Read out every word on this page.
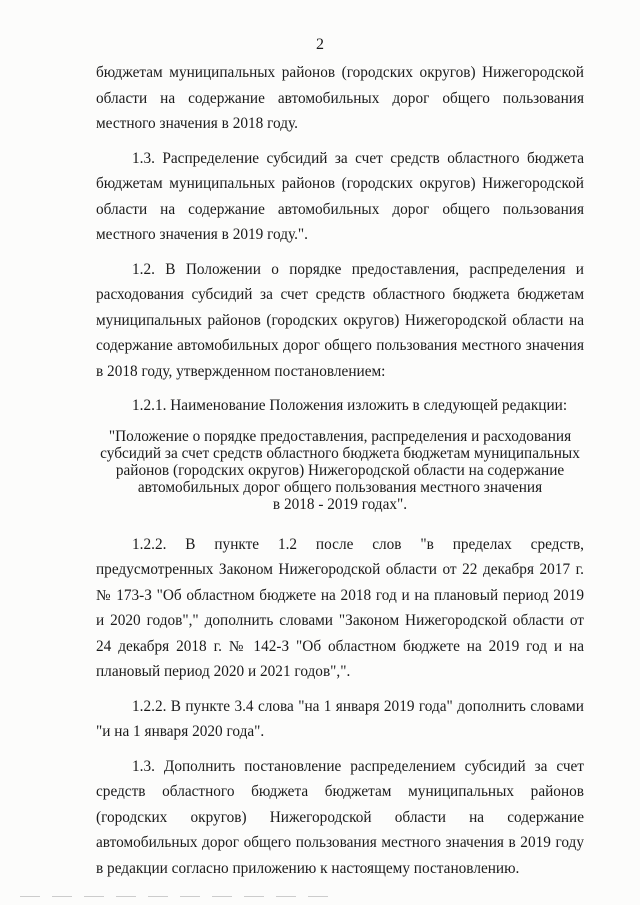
2

бюджетам муниципальных районов (городских округов) Нижегородской области на содержание автомобильных дорог общего пользования местного значения в 2018 году.

1.3. Распределение субсидий за счет средств областного бюджета бюджетам муниципальных районов (городских округов) Нижегородской области на содержание автомобильных дорог общего пользования местного значения в 2019 году.".

1.2. В Положении о порядке предоставления, распределения и расходования субсидий за счет средств областного бюджета бюджетам муниципальных районов (городских округов) Нижегородской области на содержание автомобильных дорог общего пользования местного значения в 2018 году, утвержденном постановлением:

1.2.1. Наименование Положения изложить в следующей редакции:

"Положение о порядке предоставления, распределения и расходования
субсидий за счет средств областного бюджета бюджетам муниципальных
районов (городских округов) Нижегородской области на содержание
автомобильных дорог общего пользования местного значения
в 2018 - 2019 годах".

1.2.2. В пункте 1.2 после слов "в пределах средств, предусмотренных Законом Нижегородской области от 22 декабря 2017 г. № 173-З "Об областном бюджете на 2018 год и на плановый период 2019 и 2020 годов"," дополнить словами "Законом Нижегородской области от 24 декабря 2018 г. № 142-З "Об областном бюджете на 2019 год и на плановый период 2020 и 2021 годов",".

1.2.2. В пункте 3.4 слова "на 1 января 2019 года" дополнить словами "и на 1 января 2020 года".

1.3. Дополнить постановление распределением субсидий за счет средств областного бюджета бюджетам муниципальных районов (городских округов) Нижегородской области на содержание автомобильных дорог общего пользования местного значения в 2019 году в редакции согласно приложению к настоящему постановлению.
